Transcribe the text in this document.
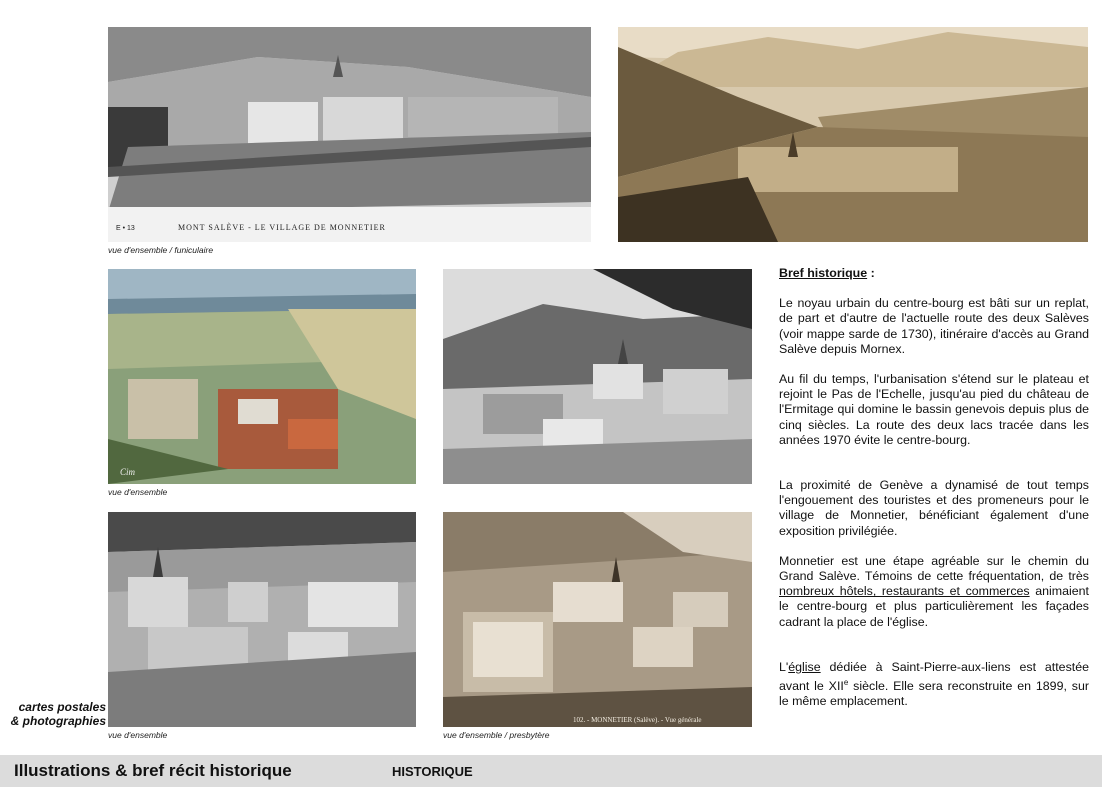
E • 13	MONT SALÈVE - LE VILLAGE DE MONNETIER
vue d'ensemble / funiculaire
Cim
vue d'ensemble
vue d'ensemble
102. - MONNETIER (Salève). - Vue générale
vue d'ensemble / presbytère
cartes postales
& photographies

Bref historique :

Le noyau urbain du centre-bourg est bâti sur un replat, de part et d'autre de l'actuelle route des deux Salèves (voir mappe sarde de 1730), itinéraire d'accès au Grand Salève depuis Mornex.

Au fil du temps, l'urbanisation s'étend sur le plateau et rejoint le Pas de l'Echelle, jusqu'au pied du château de l'Ermitage qui domine le bassin genevois depuis plus de cinq siècles. La route des deux lacs tracée dans les années 1970 évite le centre-bourg.

La proximité de Genève a dynamisé de tout temps l'engouement des touristes et des promeneurs pour le village de Monnetier, bénéficiant également d'une exposition privilégiée.

Monnetier est une étape agréable sur le chemin du Grand Salève. Témoins de cette fréquentation, de très nombreux hôtels, restaurants et commerces animaient le centre-bourg et plus particulièrement les façades cadrant la place de l'église.

L'église dédiée à Saint-Pierre-aux-liens est attestée avant le XIIe siècle. Elle sera reconstruite en 1899, sur le même emplacement.

Illustrations & bref récit historique	HISTORIQUE
